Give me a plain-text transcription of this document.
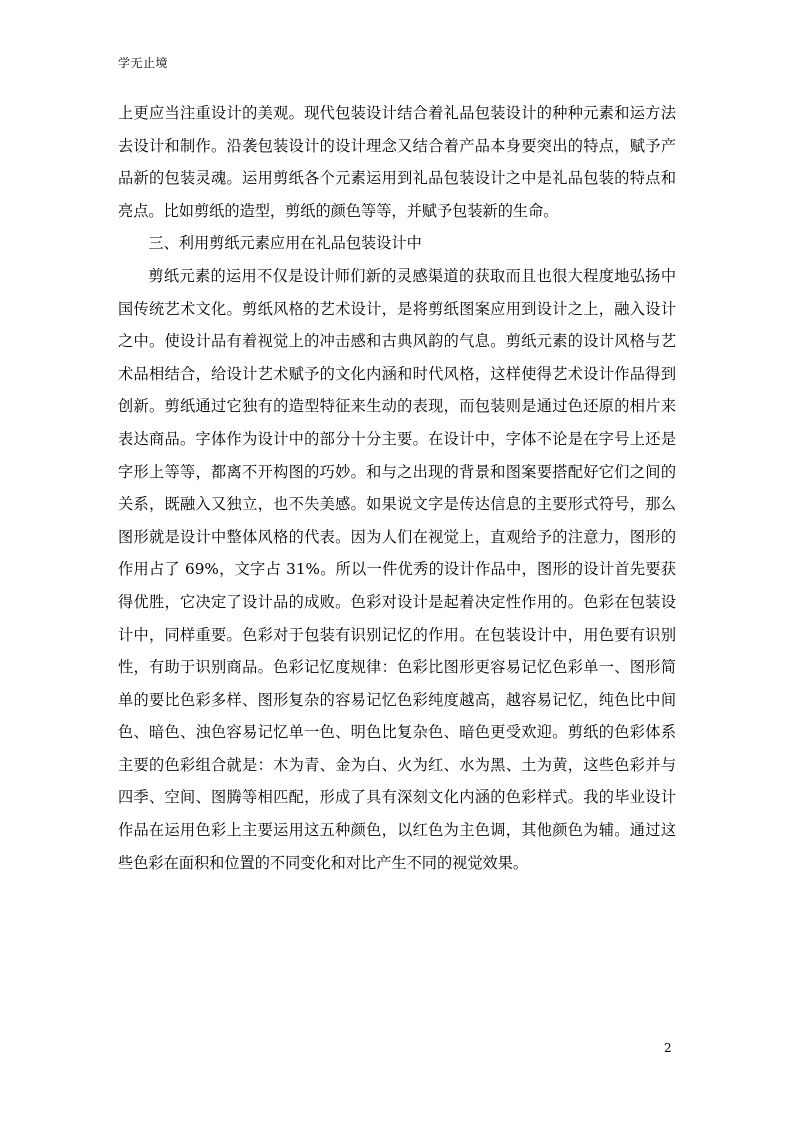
学无止境

上更应当注重设计的美观。现代包装设计结合着礼品包装设计的种种元素和运方法去设计和制作。沿袭包装设计的设计理念又结合着产品本身要突出的特点，赋予产品新的包装灵魂。运用剪纸各个元素运用到礼品包装设计之中是礼品包装的特点和亮点。比如剪纸的造型，剪纸的颜色等等，并赋予包装新的生命。

三、利用剪纸元素应用在礼品包装设计中

剪纸元素的运用不仅是设计师们新的灵感渠道的获取而且也很大程度地弘扬中国传统艺术文化。剪纸风格的艺术设计，是将剪纸图案应用到设计之上，融入设计之中。使设计品有着视觉上的冲击感和古典风韵的气息。剪纸元素的设计风格与艺术品相结合，给设计艺术赋予的文化内涵和时代风格，这样使得艺术设计作品得到创新。剪纸通过它独有的造型特征来生动的表现，而包装则是通过色还原的相片来表达商品。字体作为设计中的部分十分主要。在设计中，字体不论是在字号上还是字形上等等，都离不开构图的巧妙。和与之出现的背景和图案要搭配好它们之间的关系，既融入又独立，也不失美感。如果说文字是传达信息的主要形式符号，那么图形就是设计中整体风格的代表。因为人们在视觉上，直观给予的注意力，图形的作用占了 69%，文字占 31%。所以一件优秀的设计作品中，图形的设计首先要获得优胜，它决定了设计品的成败。色彩对设计是起着决定性作用的。色彩在包装设计中，同样重要。色彩对于包装有识别记忆的作用。在包装设计中，用色要有识别性，有助于识别商品。色彩记忆度规律：色彩比图形更容易记忆色彩单一、图形简单的要比色彩多样、图形复杂的容易记忆色彩纯度越高，越容易记忆，纯色比中间色、暗色、浊色容易记忆单一色、明色比复杂色、暗色更受欢迎。剪纸的色彩体系主要的色彩组合就是：木为青、金为白、火为红、水为黑、土为黄，这些色彩并与四季、空间、图腾等相匹配，形成了具有深刻文化内涵的色彩样式。我的毕业设计作品在运用色彩上主要运用这五种颜色，以红色为主色调，其他颜色为辅。通过这些色彩在面积和位置的不同变化和对比产生不同的视觉效果。

2
